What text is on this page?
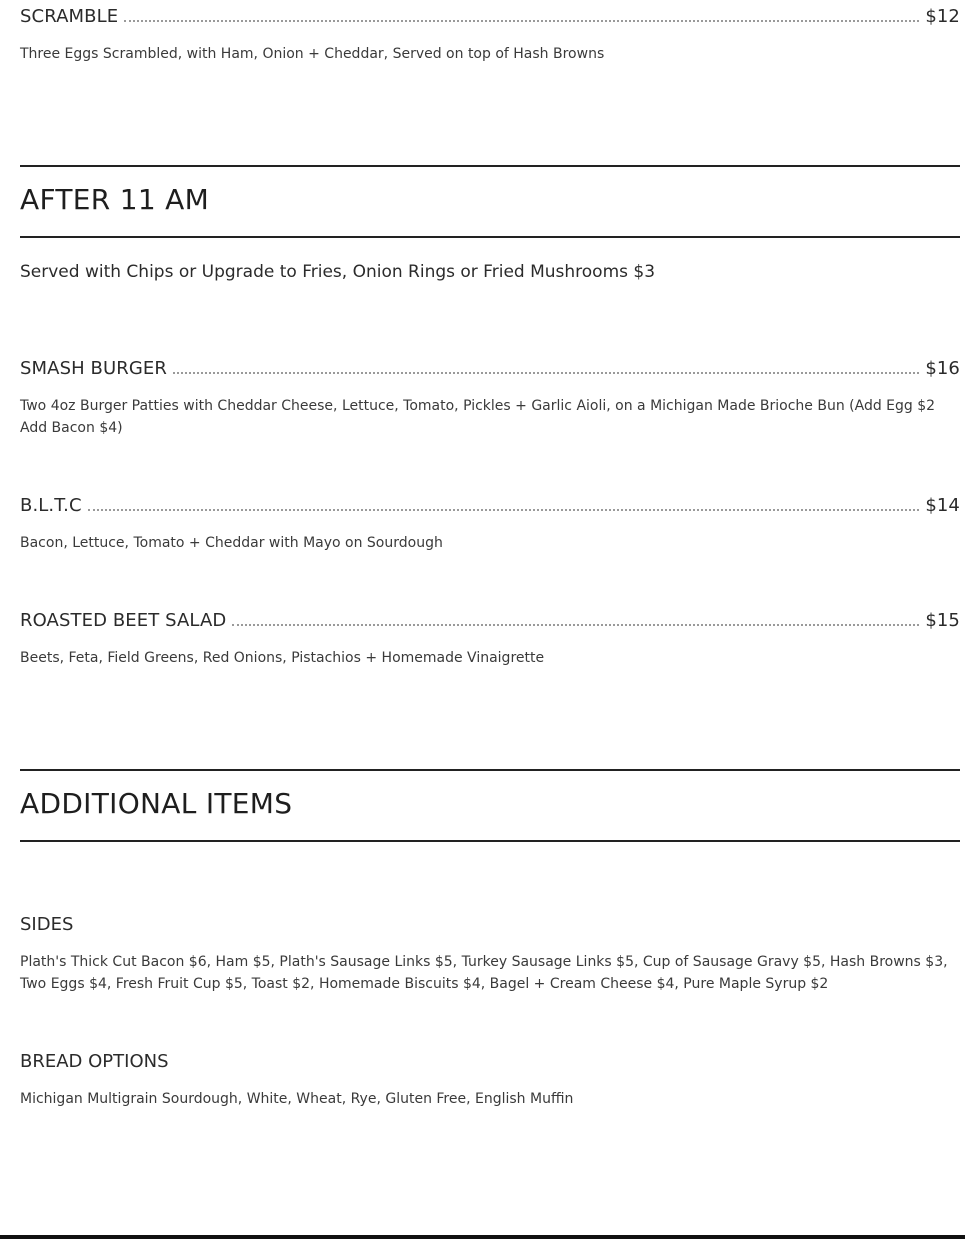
SCRAMBLE	$12
Three Eggs Scrambled, with Ham, Onion + Cheddar, Served on top of Hash Browns
AFTER 11 AM
Served with Chips or Upgrade to Fries, Onion Rings or Fried Mushrooms $3
SMASH BURGER	$16
Two 4oz Burger Patties with Cheddar Cheese, Lettuce, Tomato, Pickles + Garlic Aioli, on a Michigan Made Brioche Bun (Add Egg $2 Add Bacon $4)
B.L.T.C	$14
Bacon, Lettuce, Tomato + Cheddar with Mayo on Sourdough
ROASTED BEET SALAD	$15
Beets, Feta, Field Greens, Red Onions, Pistachios + Homemade Vinaigrette
ADDITIONAL ITEMS
SIDES
Plath's Thick Cut Bacon $6, Ham $5, Plath's Sausage Links $5, Turkey Sausage Links $5, Cup of Sausage Gravy $5, Hash Browns $3, Two Eggs $4, Fresh Fruit Cup $5, Toast $2, Homemade Biscuits $4, Bagel + Cream Cheese $4, Pure Maple Syrup $2
BREAD OPTIONS
Michigan Multigrain Sourdough, White, Wheat, Rye, Gluten Free, English Muffin
